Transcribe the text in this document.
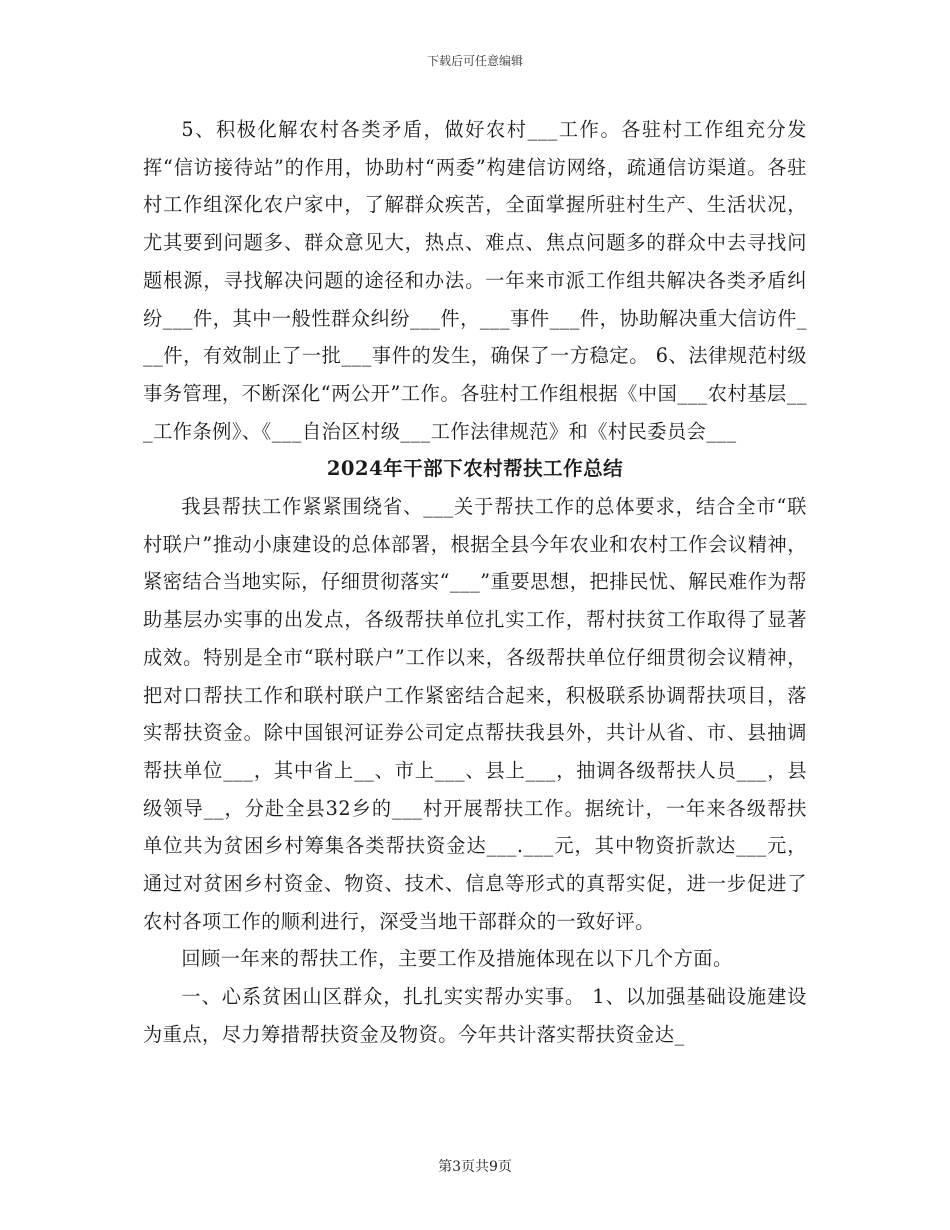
下载后可任意编辑

5、积极化解农村各类矛盾，做好农村___工作。各驻村工作组充分发挥“信访接待站”的作用，协助村“两委”构建信访网络，疏通信访渠道。各驻村工作组深化农户家中，了解群众疾苦，全面掌握所驻村生产、生活状况，尤其要到问题多、群众意见大，热点、难点、焦点问题多的群众中去寻找问题根源，寻找解决问题的途径和办法。一年来市派工作组共解决各类矛盾纠纷___件，其中一般性群众纠纷___件，___事件___件，协助解决重大信访件___件，有效制止了一批___事件的发生，确保了一方稳定。 6、法律规范村级事务管理，不断深化“两公开”工作。各驻村工作组根据《中国___农村基层___工作条例》、《___自治区村级___工作法律规范》和《村民委员会___

2024年干部下农村帮扶工作总结

我县帮扶工作紧紧围绕省、___关于帮扶工作的总体要求，结合全市“联村联户”推动小康建设的总体部署，根据全县今年农业和农村工作会议精神，紧密结合当地实际，仔细贯彻落实“___”重要思想，把排民忧、解民难作为帮助基层办实事的出发点，各级帮扶单位扎实工作，帮村扶贫工作取得了显著成效。特别是全市“联村联户”工作以来，各级帮扶单位仔细贯彻会议精神，把对口帮扶工作和联村联户工作紧密结合起来，积极联系协调帮扶项目，落实帮扶资金。除中国银河证券公司定点帮扶我县外，共计从省、市、县抽调帮扶单位___，其中省上__、市上___、县上___，抽调各级帮扶人员___，县级领导__，分赴全县32乡的___村开展帮扶工作。据统计，一年来各级帮扶单位共为贫困乡村筹集各类帮扶资金达___.___元，其中物资折款达___元，通过对贫困乡村资金、物资、技术、信息等形式的真帮实促，进一步促进了农村各项工作的顺利进行，深受当地干部群众的一致好评。

回顾一年来的帮扶工作，主要工作及措施体现在以下几个方面。

一、心系贫困山区群众，扎扎实实帮办实事。 1、以加强基础设施建设为重点，尽力筹措帮扶资金及物资。今年共计落实帮扶资金达_

第3页共9页
